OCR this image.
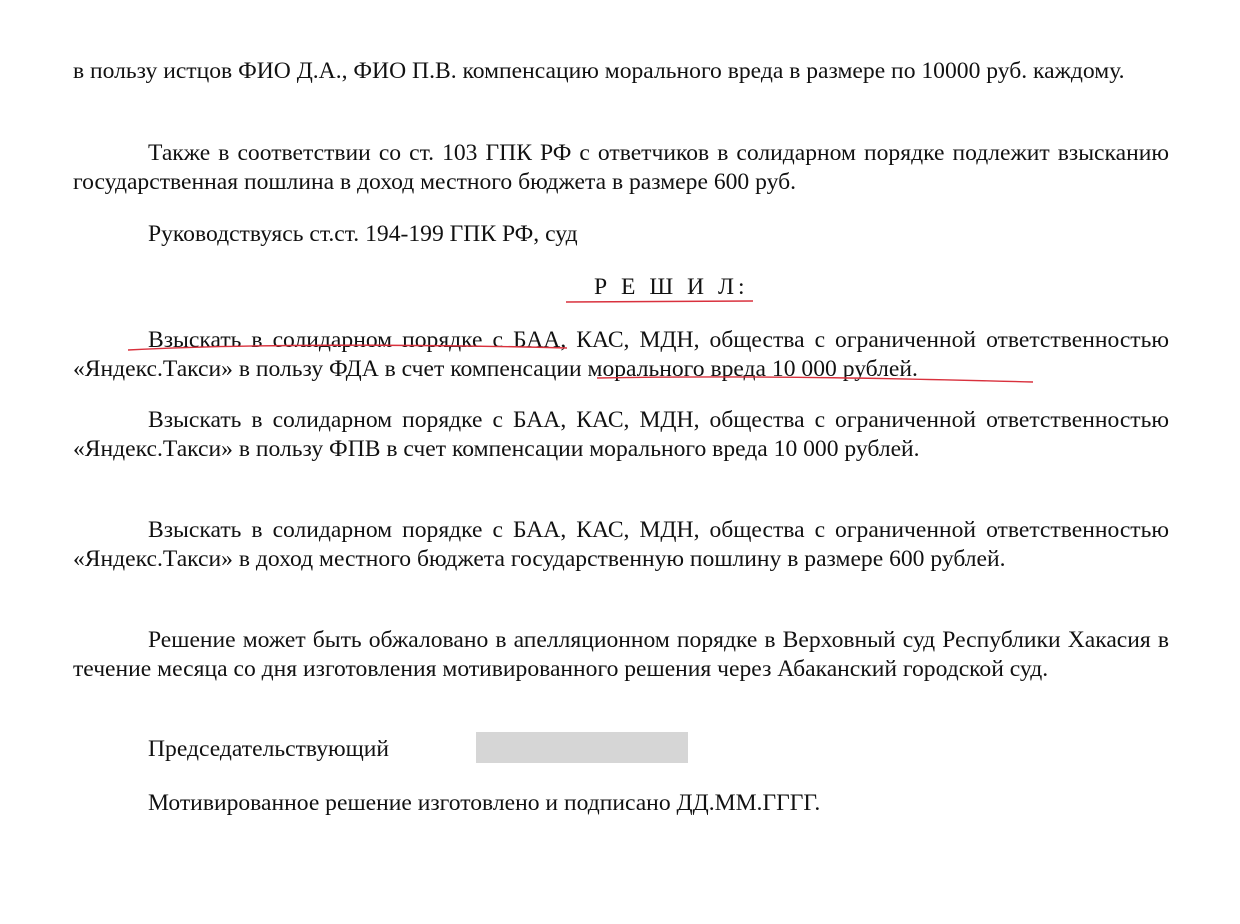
в пользу истцов ФИО Д.А., ФИО П.В. компенсацию морального вреда в размере по 10000 руб. каждому.

Также в соответствии со ст. 103 ГПК РФ с ответчиков в солидарном порядке подлежит взысканию государственная пошлина в доход местного бюджета в размере 600 руб.

Руководствуясь ст.ст. 194-199 ГПК РФ, суд

Р Е Ш И Л:

Взыскать в солидарном порядке с БАА, КАС, МДН, общества с ограниченной ответственностью «Яндекс.Такси» в пользу ФДА в счет компенсации морального вреда 10 000 рублей.

Взыскать в солидарном порядке с БАА, КАС, МДН, общества с ограниченной ответственностью «Яндекс.Такси» в пользу ФПВ в счет компенсации морального вреда 10 000 рублей.

Взыскать в солидарном порядке с БАА, КАС, МДН, общества с ограниченной ответственностью «Яндекс.Такси» в доход местного бюджета государственную пошлину в размере 600 рублей.

Решение может быть обжаловано в апелляционном порядке в Верховный суд Республики Хакасия в течение месяца со дня изготовления мотивированного решения через Абаканский городской суд.

Председательствующий

Мотивированное решение изготовлено и подписано ДД.ММ.ГГГГ.
